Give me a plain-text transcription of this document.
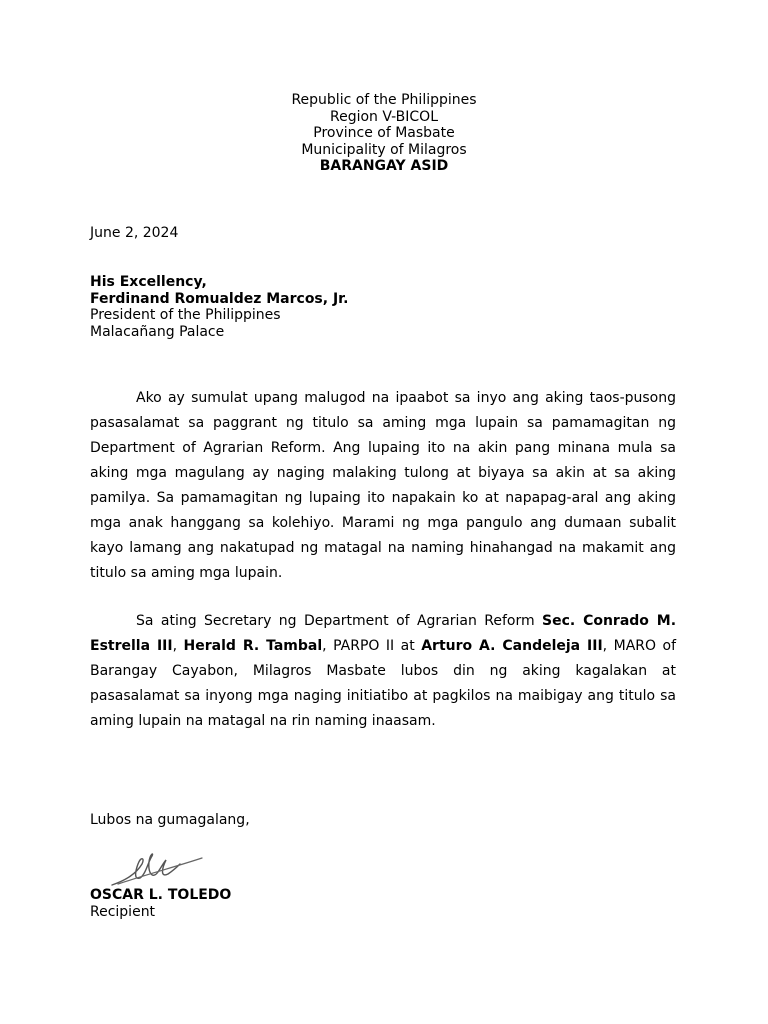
Republic of the Philippines
Region V-BICOL
Province of Masbate
Municipality of Milagros
BARANGAY ASID
June 2, 2024
His Excellency,
Ferdinand Romualdez Marcos, Jr.
President of the Philippines
Malacañang Palace

Ako ay sumulat upang malugod na ipaabot sa inyo ang aking taos-pusong pasasalamat sa paggrant ng titulo sa aming mga lupain sa pamamagitan ng Department of Agrarian Reform. Ang lupaing ito na akin pang minana mula sa aking mga magulang ay naging malaking tulong at biyaya sa akin at sa aking pamilya. Sa pamamagitan ng lupaing ito napakain ko at napapag-aral ang aking mga anak hanggang sa kolehiyo. Marami ng mga pangulo ang dumaan subalit kayo lamang ang nakatupad ng matagal na naming hinahangad na makamit ang titulo sa aming mga lupain.

Sa ating Secretary ng Department of Agrarian Reform Sec. Conrado M. Estrella III, Herald R. Tambal, PARPO II at Arturo A. Candeleja III, MARO of Barangay Cayabon, Milagros Masbate lubos din ng aking kagalakan at pasasalamat sa inyong mga naging initiatibo at pagkilos na maibigay ang titulo sa aming lupain na matagal na rin naming inaasam.

Lubos na gumagalang,
OSCAR L. TOLEDO
Recipient
